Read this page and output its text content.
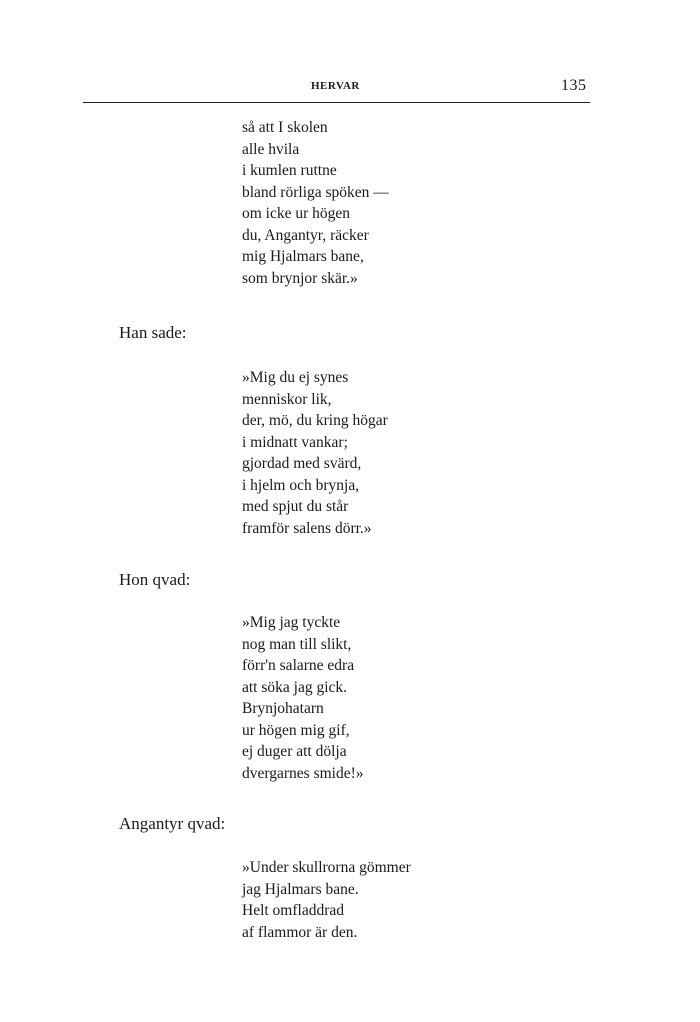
HERVAR	135
så att I skolen
alle hvila
i kumlen ruttne
bland rörliga spöken —
om icke ur högen
du, Angantyr, räcker
mig Hjalmars bane,
som brynjor skär.»
Han sade:
»Mig du ej synes
menniskor lik,
der, mö, du kring högar
i midnatt vankar;
gjordad med svärd,
i hjelm och brynja,
med spjut du står
framför salens dörr.»
Hon qvad:
»Mig jag tyckte
nog man till slikt,
förr'n salarne edra
att söka jag gick.
Brynjohatarn
ur högen mig gif,
ej duger att dölja
dvergarnes smide!»
Angantyr qvad:
»Under skullrorna gömmer
jag Hjalmars bane.
Helt omfladdrad
af flammor är den.
